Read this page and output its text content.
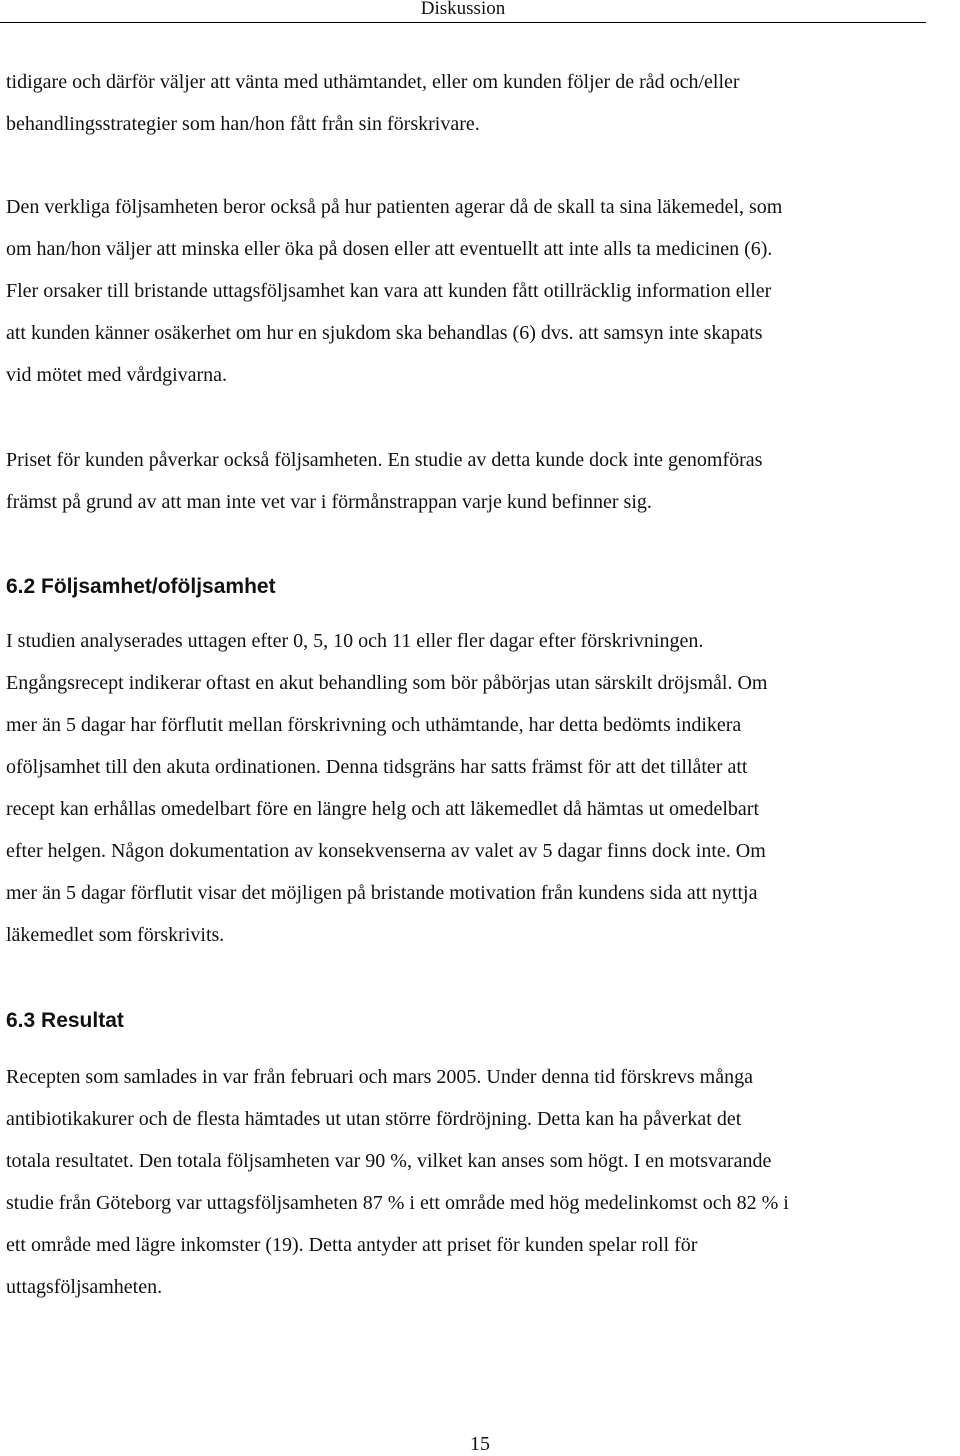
Diskussion
tidigare och därför väljer att vänta med uthämtandet, eller om kunden följer de råd och/eller
behandlingsstrategier som han/hon fått från sin förskrivare.
Den verkliga följsamheten beror också på hur patienten agerar då de skall ta sina läkemedel, som
om han/hon väljer att minska eller öka på dosen eller att eventuellt att inte alls ta medicinen (6).
Fler orsaker till bristande uttagsföljsamhet kan vara att kunden fått otillräcklig information eller
att kunden känner osäkerhet om hur en sjukdom ska behandlas (6) dvs. att samsyn inte skapats
vid mötet med vårdgivarna.
Priset för kunden påverkar också följsamheten. En studie av detta kunde dock inte genomföras
främst på grund av att man inte vet var i förmånstrappan varje kund befinner sig.
6.2 Följsamhet/oföljsamhet
I studien analyserades uttagen efter 0, 5, 10 och 11 eller fler dagar efter förskrivningen.
Engångsrecept indikerar oftast en akut behandling som bör påbörjas utan särskilt dröjsmål. Om
mer än 5 dagar har förflutit mellan förskrivning och uthämtande, har detta bedömts indikera
oföljsamhet till den akuta ordinationen. Denna tidsgräns har satts främst för att det tillåter att
recept kan erhållas omedelbart före en längre helg och att läkemedlet då hämtas ut omedelbart
efter helgen. Någon dokumentation av konsekvenserna av valet av 5 dagar finns dock inte. Om
mer än 5 dagar förflutit visar det möjligen på bristande motivation från kundens sida att nyttja
läkemedlet som förskrivits.
6.3 Resultat
Recepten som samlades in var från februari och mars 2005. Under denna tid förskrevs många
antibiotikakurer och de flesta hämtades ut utan större fördröjning. Detta kan ha påverkat det
totala resultatet. Den totala följsamheten var 90 %, vilket kan anses som högt. I en motsvarande
studie från Göteborg var uttagsföljsamheten 87 % i ett område med hög medelinkomst och 82 % i
ett område med lägre inkomster (19). Detta antyder att priset för kunden spelar roll för
uttagsföljsamheten.
15
